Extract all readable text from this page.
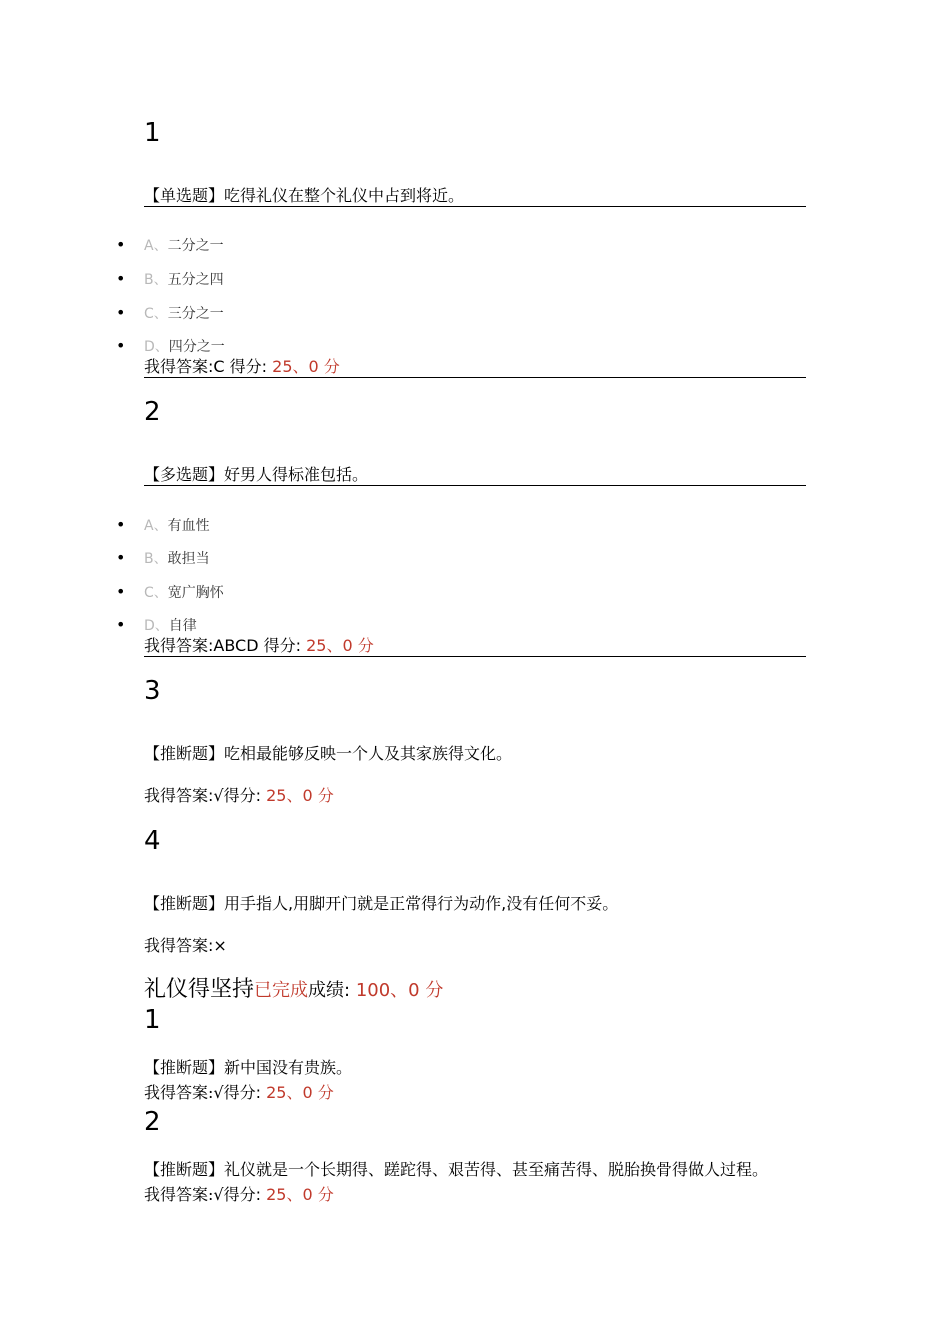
1
【单选题】吃得礼仪在整个礼仪中占到将近。
• A、二分之一
• B、五分之四
• C、三分之一
• D、四分之一
我得答案:C 得分: 25、0 分
2
【多选题】好男人得标准包括。
• A、有血性
• B、敢担当
• C、宽广胸怀
• D、自律
我得答案:ABCD 得分: 25、0 分
3
【推断题】吃相最能够反映一个人及其家族得文化。
我得答案:√得分: 25、0 分
4
【推断题】用手指人,用脚开门就是正常得行为动作,没有任何不妥。
我得答案:×
礼仪得坚持已完成成绩: 100、0 分
1
【推断题】新中国没有贵族。
我得答案:√得分: 25、0 分
2
【推断题】礼仪就是一个长期得、蹉跎得、艰苦得、甚至痛苦得、脱胎换骨得做人过程。
我得答案:√得分: 25、0 分
